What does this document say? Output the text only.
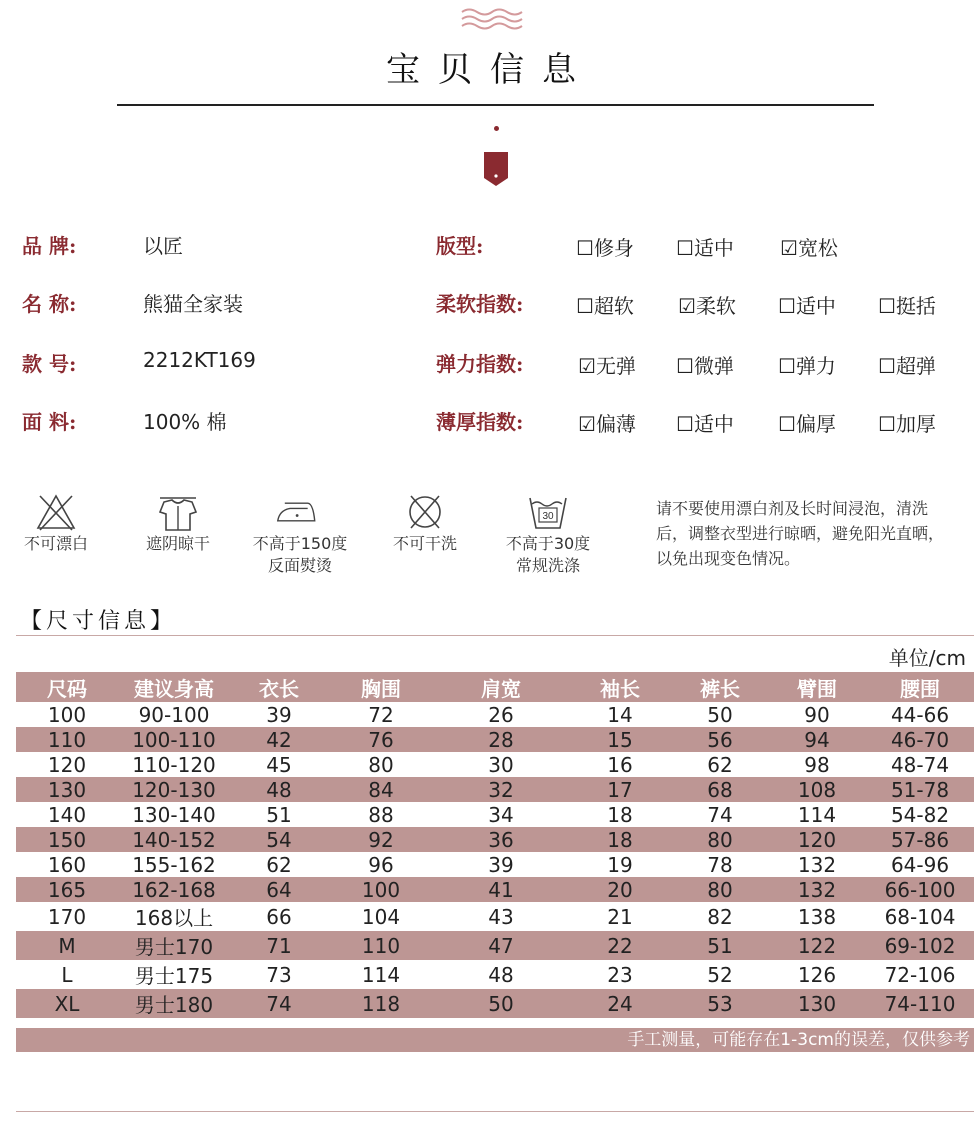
宝贝信息
品 牌:	以匠
名 称:	熊猫全家装
款 号:	2212KT169
面 料:	100% 棉
版型:	☐修身 ☐适中 ☑宽松
柔软指数:	☐超软 ☑柔软 ☐适中 ☐挺括
弹力指数:	☑无弹 ☐微弹 ☐弹力 ☐超弹
薄厚指数:	☑偏薄 ☐适中 ☐偏厚 ☐加厚
不可漂白	遮阴晾干	不高于150度
反面熨烫
不可干洗
30
不高于30度
常规洗涤
请不要使用漂白剂及长时间浸泡，清洗后，调整衣型进行晾晒，避免阳光直晒，以免出现变色情况。
【尺寸信息】
单位/cm
尺码	建议身高	衣长	胸围	肩宽	袖长	裤长	臂围	腰围
100	90-100	39	72	26	14	50	90	44-66
110	100-110	42	76	28	15	56	94	46-70
120	110-120	45	80	30	16	62	98	48-74
130	120-130	48	84	32	17	68	108	51-78
140	130-140	51	88	34	18	74	114	54-82
150	140-152	54	92	36	18	80	120	57-86
160	155-162	62	96	39	19	78	132	64-96
165	162-168	64	100	41	20	80	132	66-100
170	168以上	66	104	43	21	82	138	68-104
M	男士170	71	110	47	22	51	122	69-102
L	男士175	73	114	48	23	52	126	72-106
XL	男士180	74	118	50	24	53	130	74-110
手工测量，可能存在1-3cm的误差，仅供参考
